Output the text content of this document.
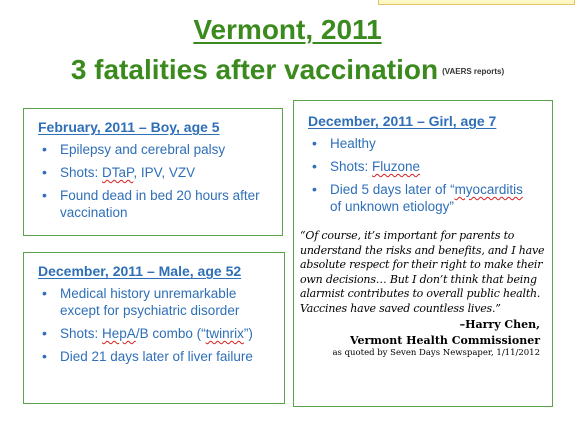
Vermont, 2011
3 fatalities after vaccination (VAERS reports)
February, 2011 – Boy, age 5
• Epilepsy and cerebral palsy
• Shots: DTaP, IPV, VZV
• Found dead in bed 20 hours after vaccination
December, 2011 – Male, age 52
• Medical history unremarkable except for psychiatric disorder
• Shots: HepA/B combo (“twinrix”)
• Died 21 days later of liver failure
December, 2011 – Girl, age 7
• Healthy
• Shots: Fluzone
• Died 5 days later of “myocarditis of unknown etiology”
“Of course, it’s important for parents to understand the risks and benefits, and I have absolute respect for their right to make their own decisions… But I don’t think that being alarmist contributes to overall public health. Vaccines have saved countless lives.”
–Harry Chen,
Vermont Health Commissioner
as quoted by Seven Days Newspaper, 1/11/2012
